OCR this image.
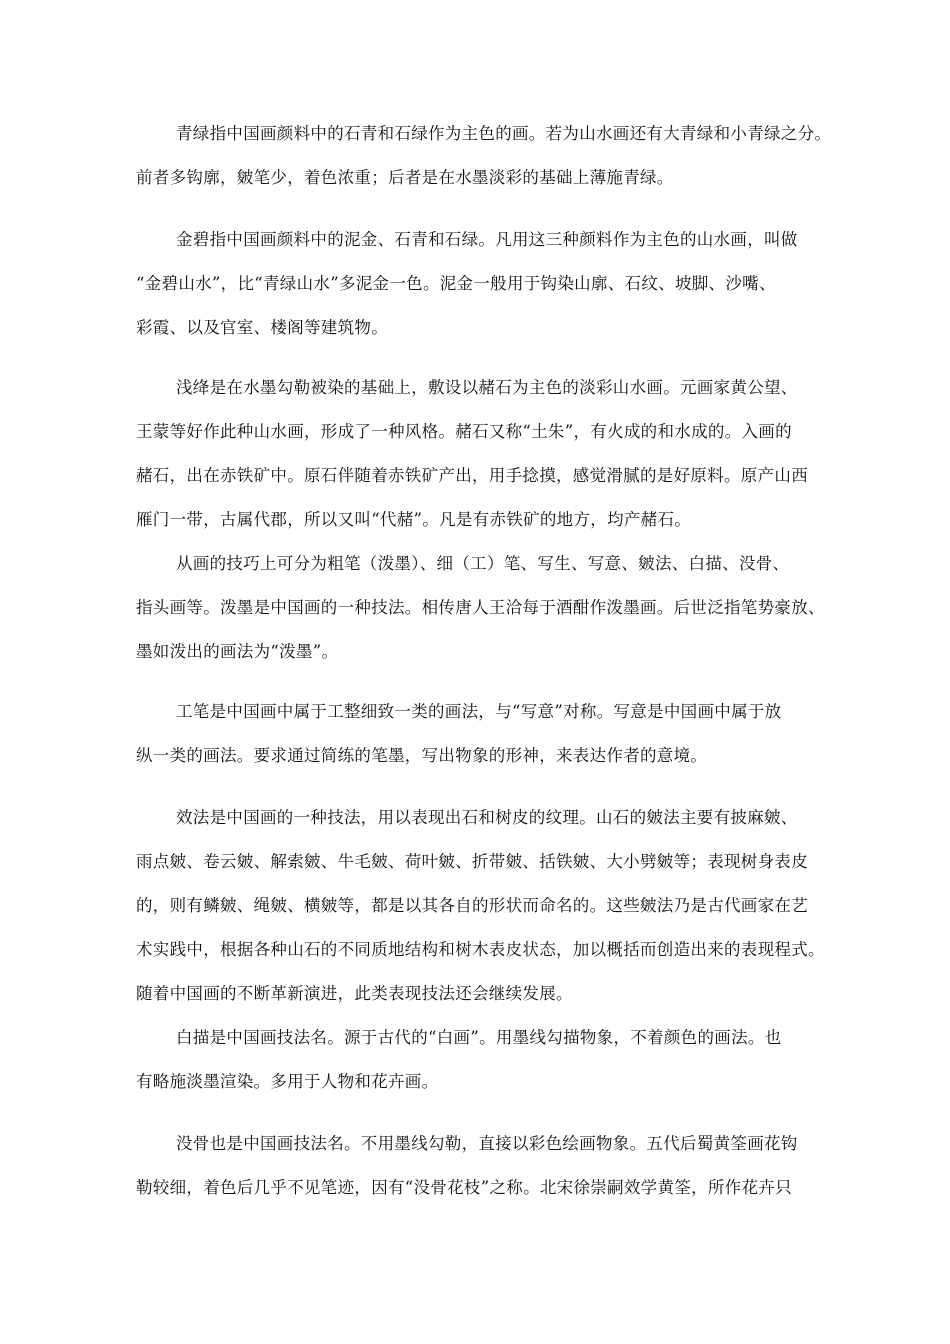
青绿指中国画颜料中的石青和石绿作为主色的画。若为山水画还有大青绿和小青绿之分。
前者多钩廓，皴笔少，着色浓重；后者是在水墨淡彩的基础上薄施青绿。
金碧指中国画颜料中的泥金、石青和石绿。凡用这三种颜料作为主色的山水画，叫做
“金碧山水”，比“青绿山水”多泥金一色。泥金一般用于钩染山廓、石纹、坡脚、沙嘴、
彩霞、以及官室、楼阁等建筑物。
浅绛是在水墨勾勒被染的基础上，敷设以赭石为主色的淡彩山水画。元画家黄公望、
王蒙等好作此种山水画，形成了一种风格。赭石又称“土朱”，有火成的和水成的。入画的
赭石，出在赤铁矿中。原石伴随着赤铁矿产出，用手捻摸，感觉滑腻的是好原料。原产山西
雁门一带，古属代郡，所以又叫“代赭”。凡是有赤铁矿的地方，均产赭石。
从画的技巧上可分为粗笔（泼墨）、细（工）笔、写生、写意、皴法、白描、没骨、
指头画等。泼墨是中国画的一种技法。相传唐人王洽每于酒酣作泼墨画。后世泛指笔势豪放、
墨如泼出的画法为“泼墨”。
工笔是中国画中属于工整细致一类的画法，与“写意”对称。写意是中国画中属于放
纵一类的画法。要求通过简练的笔墨，写出物象的形神，来表达作者的意境。
效法是中国画的一种技法，用以表现出石和树皮的纹理。山石的皴法主要有披麻皴、
雨点皴、卷云皴、解索皴、牛毛皴、荷叶皴、折带皴、括铁皴、大小劈皴等；表现树身表皮
的，则有鳞皴、绳皴、横皴等，都是以其各自的形状而命名的。这些皴法乃是古代画家在艺
术实践中，根据各种山石的不同质地结构和树木表皮状态，加以概括而创造出来的表现程式。
随着中国画的不断革新演进，此类表现技法还会继续发展。
白描是中国画技法名。源于古代的“白画”。用墨线勾描物象，不着颜色的画法。也
有略施淡墨渲染。多用于人物和花卉画。
没骨也是中国画技法名。不用墨线勾勒，直接以彩色绘画物象。五代后蜀黄筌画花钩
勒较细，着色后几乎不见笔迹，因有“没骨花枝”之称。北宋徐崇嗣效学黄筌，所作花卉只
